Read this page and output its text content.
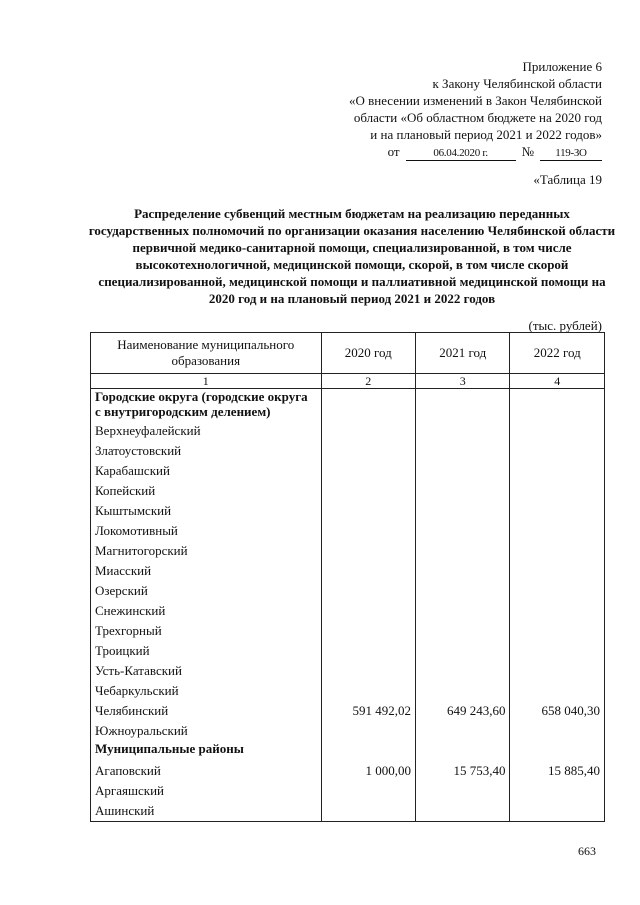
Приложение 6
к Закону Челябинской области
«О внесении изменений в Закон Челябинской
области «Об областном бюджете на 2020 год
и на плановый период 2021 и 2022 годов»
от	06.04.2020 г.	№	119-ЗО
«Таблица 19
Распределение субвенций местным бюджетам на реализацию переданных государственных полномочий по организации оказания населению Челябинской области первичной медико-санитарной помощи, специализированной, в том числе высокотехнологичной, медицинской помощи, скорой, в том числе скорой специализированной, медицинской помощи и паллиативной медицинской помощи на 2020 год и на плановый период 2021 и 2022 годов
(тыс. рублей)
Наименование муниципального образования	2020 год	2021 год	2022 год
1	2	3	4
Городские округа (городские округа с внутригородским делением)			
Верхнеуфалейский			
Златоустовский			
Карабашский			
Копейский			
Кыштымский			
Локомотивный			
Магнитогорский			
Миасский			
Озерский			
Снежинский			
Трехгорный			
Троицкий			
Усть-Катавский			
Чебаркульский			
Челябинский	591 492,02	649 243,60	658 040,30
Южноуральский			
Муниципальные районы			
Агаповский	1 000,00	15 753,40	15 885,40
Аргаяшский			
Ашинский			
663
